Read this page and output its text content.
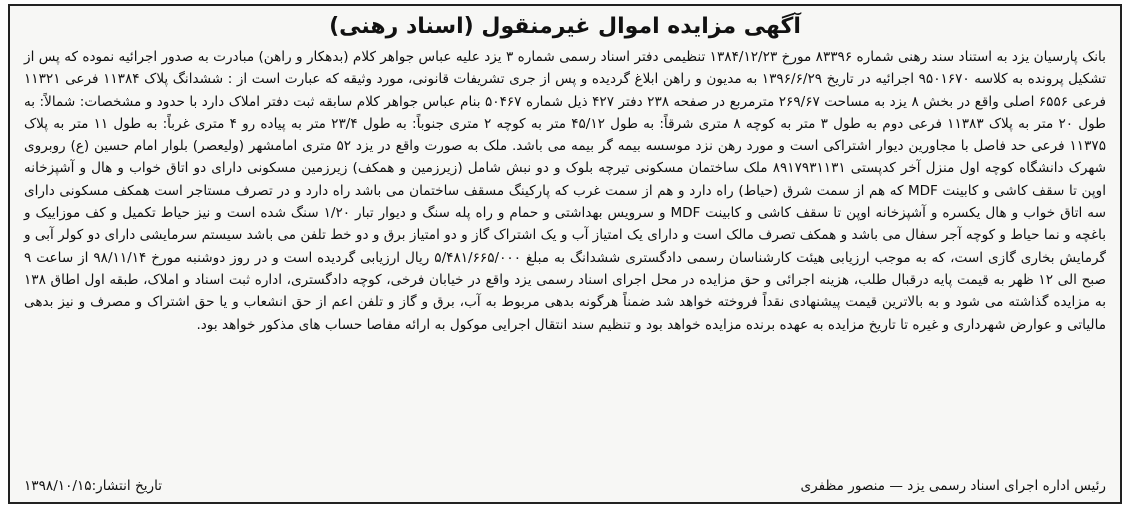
آگهی مزایده اموال غیرمنقول (اسناد رهنی)

بانک پارسیان یزد به استناد سند رهنی شماره ۸۳۳۹۶ مورخ ۱۳۸۴/۱۲/۲۳ تنظیمی دفتر اسناد رسمی شماره ۳ یزد علیه عباس جواهر کلام (بدهکار و راهن) مبادرت به صدور اجرائیه نموده که پس از تشکیل پرونده به کلاسه ۹۵۰۱۶۷۰ اجرائیه در تاریخ ۱۳۹۶/۶/۲۹ به مدیون و راهن ابلاغ گردیده و پس از جری تشریفات قانونی، مورد وثیقه که عبارت است از : ششدانگ پلاک ۱۱۳۸۴ فرعی ۱۱۳۲۱ فرعی ۶۵۵۶ اصلی واقع در بخش ۸ یزد به مساحت ۲۶۹/۶۷ مترمربع در صفحه ۲۳۸ دفتر ۴۲۷ ذیل شماره ۵۰۴۶۷ بنام عباس جواهر کلام سابقه ثبت دفتر املاک دارد با حدود و مشخصات: شمالاً: به طول ۲۰ متر به پلاک ۱۱۳۸۳ فرعی دوم به طول ۳ متر به کوچه ۸ متری شرقاً: به طول ۴۵/۱۲ متر به کوچه ۲ متری جنوباً: به طول ۲۳/۴ متر به پیاده رو ۴ متری غرباً: به طول ۱۱ متر به پلاک ۱۱۳۷۵ فرعی حد فاصل با مجاورین دیوار اشتراکی است و مورد رهن نزد موسسه بیمه گر بیمه می باشد. ملک به صورت واقع در یزد ۵۲ متری امامشهر (ولیعصر) بلوار امام حسین (ع) روبروی شهرک دانشگاه کوچه اول منزل آخر کدپستی ۸۹۱۷۹۳۱۱۳۱ ملک ساختمان مسکونی تیرچه بلوک و دو نبش شامل (زیرزمین و همکف) زیرزمین مسکونی دارای دو اتاق خواب و هال و آشپزخانه اوپن تا سقف کاشی و کابینت MDF که هم از سمت شرق (حیاط) راه دارد و هم از سمت غرب که پارکینگ مسقف ساختمان می باشد راه دارد و در تصرف مستاجر است همکف مسکونی دارای سه اتاق خواب و هال یکسره و آشپزخانه اوپن تا سقف کاشی و کابینت MDF و سرویس بهداشتی و حمام و راه پله سنگ و دیوار تبار ۱/۲۰ سنگ شده است و نیز حیاط تکمیل و کف موزاییک و باغچه و نما حیاط و کوچه آجر سفال می باشد و همکف تصرف مالک است و دارای یک امتیاز آب و یک اشتراک گاز و دو امتیاز برق و دو خط تلفن می باشد سیستم سرمایشی دارای دو کولر آبی و گرمایش بخاری گازی است، که به موجب ارزیابی هیئت کارشناسان رسمی دادگستری ششدانگ به مبلغ ۵/۴۸۱/۶۶۵/۰۰۰ ریال ارزیابی گردیده است و در روز دوشنبه مورخ ۹۸/۱۱/۱۴ از ساعت ۹ صبح الی ۱۲ ظهر به قیمت پایه درقبال طلب، هزینه اجرائی و حق مزایده در محل اجرای اسناد رسمی یزد واقع در خیابان فرخی، کوچه دادگستری، اداره ثبت اسناد و املاک، طبقه اول اطاق ۱۳۸ به مزایده گذاشته می شود و به بالاترین قیمت پیشنهادی نقداً فروخته خواهد شد ضمناً هرگونه بدهی مربوط به آب، برق و گاز و تلفن اعم از حق انشعاب و یا حق اشتراک و مصرف و نیز بدهی مالیاتی و عوارض شهرداری و غیره تا تاریخ مزایده به عهده برنده مزایده خواهد بود و تنظیم سند انتقال اجرایی موکول به ارائه مفاصا حساب های مذکور خواهد بود.

رئیس اداره اجرای اسناد رسمی یزد — منصور مظفری
تاریخ انتشار:۱۳۹۸/۱۰/۱۵
